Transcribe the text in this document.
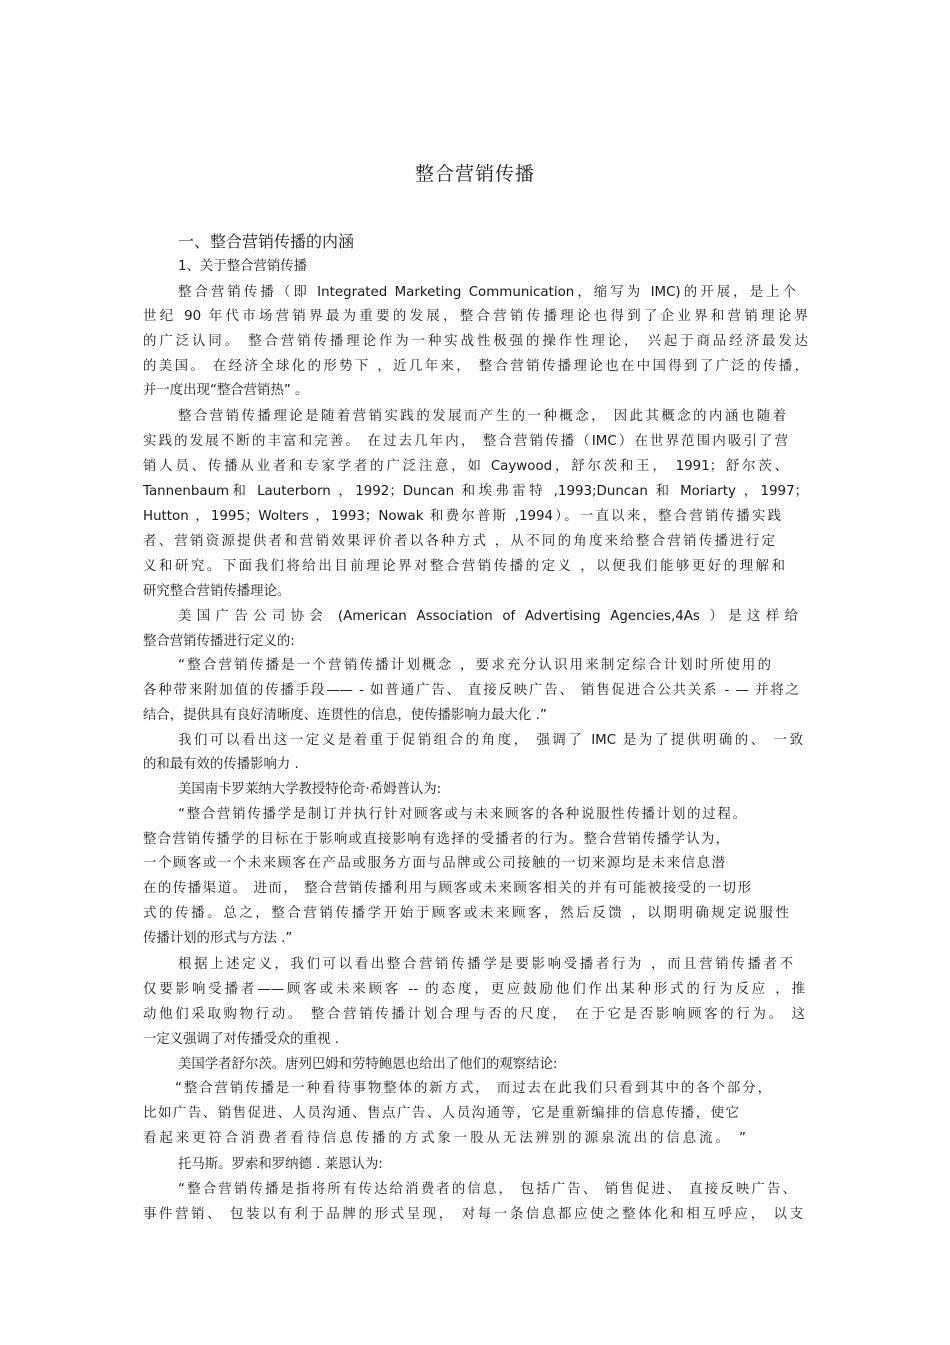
整合营销传播
一、整合营销传播的内涵
1、关于整合营销传播
整合营销传播（即 Integrated Marketing Communication，缩写为 IMC)的开展，是上个
世纪 90 年代市场营销界最为重要的发展，整合营销传播理论也得到了企业界和营销理论界
的广泛认同。 整合营销传播理论作为一种实战性极强的操作性理论， 兴起于商品经济最发达
的美国。 在经济全球化的形势下 ，近几年来， 整合营销传播理论也在中国得到了广泛的传播，
并一度出现“整合营销热” 。
整合营销传播理论是随着营销实践的发展而产生的一种概念， 因此其概念的内涵也随着
实践的发展不断的丰富和完善。 在过去几年内， 整合营销传播（IMC）在世界范围内吸引了营
销人员、传播从业者和专家学者的广泛注意，如 Caywood，舒尔茨和王， 1991；舒尔茨、
Tannenbaum和 Lauterborn ，1992；Duncan 和埃弗雷特 ,1993;Duncan 和 Moriarty ，1997；
Hutton ，1995；Wolters ，1993；Nowak 和费尔普斯 ,1994）。一直以来，整合营销传播实践
者、营销资源提供者和营销效果评价者以各种方式 ，从不同的角度来给整合营销传播进行定
义和研究。下面我们将给出目前理论界对整合营销传播的定义 ，以便我们能够更好的理解和
研究整合营销传播理论。
美国广告公司协会 (American Association of Advertising Agencies,4As ）是这样给
整合营销传播进行定义的:
“整合营销传播是一个营销传播计划概念 ，要求充分认识用来制定综合计划时所使用的
各种带来附加值的传播手段—— - 如普通广告、 直接反映广告、 销售促进合公共关系 - — 并将之
结合，提供具有良好清晰度、连贯性的信息，使传播影响力最大化 .”
我们可以看出这一定义是着重于促销组合的角度， 强调了 IMC 是为了提供明确的、 一致
的和最有效的传播影响力 .
美国南卡罗莱纳大学教授特伦奇·希姆普认为:
“整合营销传播学是制订并执行针对顾客或与未来顾客的各种说服性传播计划的过程。
整合营销传播学的目标在于影响或直接影响有选择的受播者的行为。整合营销传播学认为，
一个顾客或一个未来顾客在产品或服务方面与品牌或公司接触的一切来源均是未来信息潜
在的传播渠道。 进而， 整合营销传播利用与顾客或未来顾客相关的并有可能被接受的一切形
式的传播。总之，整合营销传播学开始于顾客或未来顾客，然后反馈 ，以期明确规定说服性
传播计划的形式与方法 .”
根据上述定义，我们可以看出整合营销传播学是要影响受播者行为 ，而且营销传播者不
仅要影响受播者——顾客或未来顾客 -- 的态度，更应鼓励他们作出某种形式的行为反应 ，推
动他们采取购物行动。 整合营销传播计划合理与否的尺度， 在于它是否影响顾客的行为。 这
一定义强调了对传播受众的重视 .
美国学者舒尔茨。唐列巴姆和劳特鲍恩也给出了他们的观察结论:
“整合营销传播是一种看待事物整体的新方式， 而过去在此我们只看到其中的各个部分，
比如广告、销售促进、人员沟通、售点广告、人员沟通等，它是重新编排的信息传播，使它
看起来更符合消费者看待信息传播的方式象一股从无法辨别的源泉流出的信息流。 ”
托马斯。罗索和罗纳德 . 莱恩认为:
“整合营销传播是指将所有传达给消费者的信息， 包括广告、 销售促进、 直接反映广告、
事件营销、 包装以有利于品牌的形式呈现， 对每一条信息都应使之整体化和相互呼应， 以支
